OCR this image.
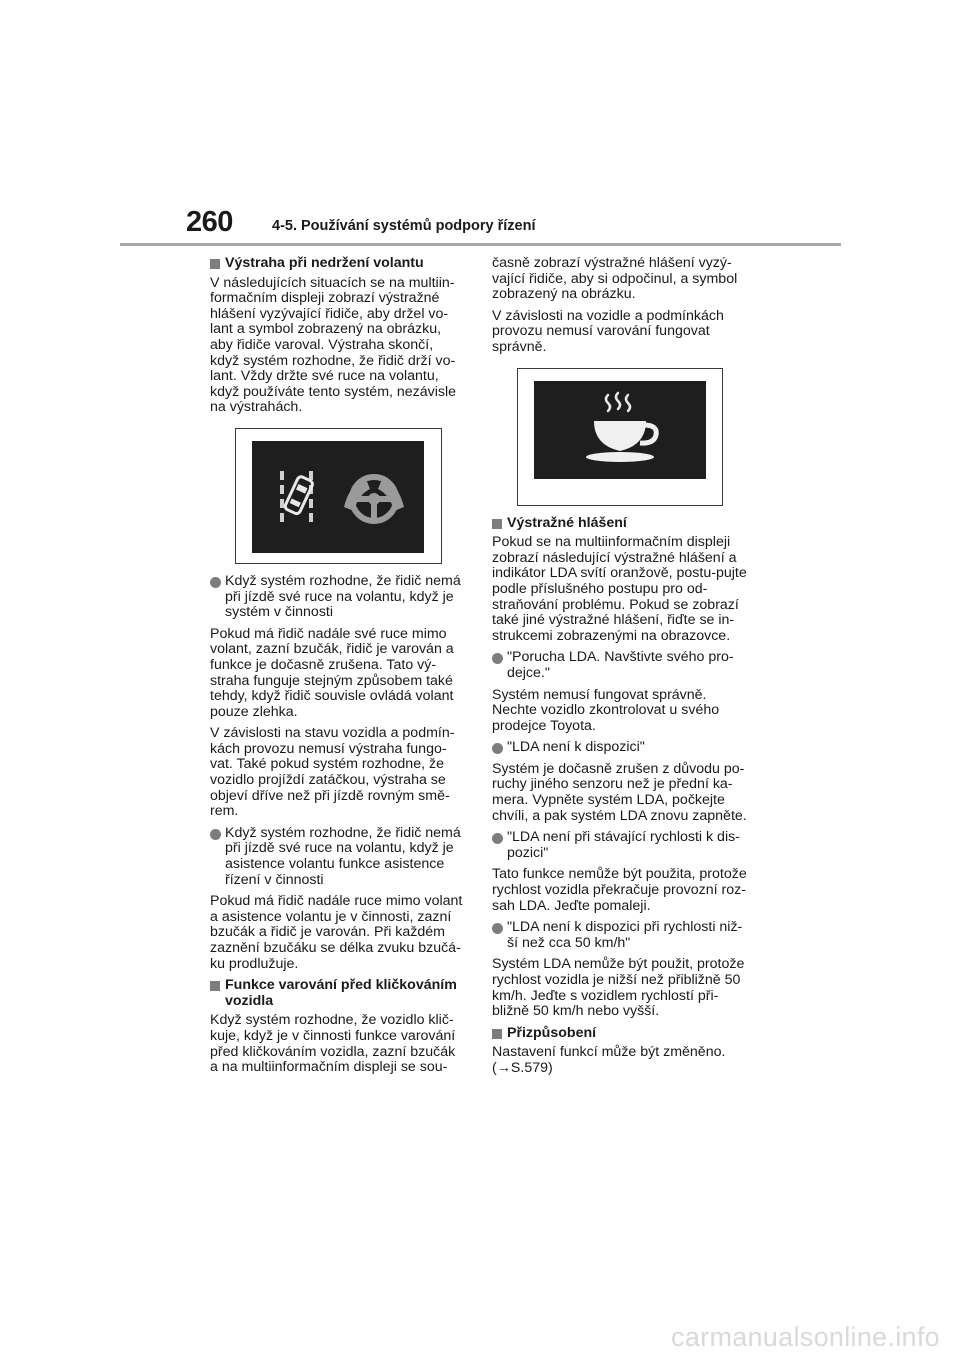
260	4-5. Používání systémů podpory řízení
Výstraha při nedržení volantu

V následujících situacích se na multiin-formačním displeji zobrazí výstražné hlášení vyzývající řidiče, aby držel vo-lant a symbol zobrazený na obrázku, aby řidiče varoval. Výstraha skončí, když systém rozhodne, že řidič drží vo-lant. Vždy držte své ruce na volantu, když používáte tento systém, nezávisle na výstrahách.

Když systém rozhodne, že řidič nemá při jízdě své ruce na volantu, když je systém v činnosti

Pokud má řidič nadále své ruce mimo volant, zazní bzučák, řidič je varován a funkce je dočasně zrušena. Tato vý-straha funguje stejným způsobem také tehdy, když řidič souvisle ovládá volant pouze zlehka.

V závislosti na stavu vozidla a podmín-kách provozu nemusí výstraha fungo-vat. Také pokud systém rozhodne, že vozidlo projíždí zatáčkou, výstraha se objeví dříve než při jízdě rovným smě-rem.

Když systém rozhodne, že řidič nemá při jízdě své ruce na volantu, když je asistence volantu funkce asistence řízení v činnosti

Pokud má řidič nadále ruce mimo volant a asistence volantu je v činnosti, zazní bzučák a řidič je varován. Při každém zaznění bzučáku se délka zvuku bzučá-ku prodlužuje.

Funkce varování před kličkováním vozidla

Když systém rozhodne, že vozidlo klič-kuje, když je v činnosti funkce varování před kličkováním vozidla, zazní bzučák a na multiinformačním displeji se sou-

časně zobrazí výstražné hlášení vyzý-vající řidiče, aby si odpočinul, a symbol zobrazený na obrázku.

V závislosti na vozidle a podmínkách provozu nemusí varování fungovat správně.

Výstražné hlášení

Pokud se na multiinformačním displeji zobrazí následující výstražné hlášení a indikátor LDA svítí oranžově, postu-pujte podle příslušného postupu pro od-straňování problému. Pokud se zobrazí také jiné výstražné hlášení, řiďte se in-strukcemi zobrazenými na obrazovce.

"Porucha LDA. Navštivte svého pro-dejce."

Systém nemusí fungovat správně. Nechte vozidlo zkontrolovat u svého prodejce Toyota.

"LDA není k dispozici"

Systém je dočasně zrušen z důvodu po-ruchy jiného senzoru než je přední ka-mera. Vypněte systém LDA, počkejte chvíli, a pak systém LDA znovu zapněte.

"LDA není při stávající rychlosti k dis-pozici"

Tato funkce nemůže být použita, protože rychlost vozidla překračuje provozní roz-sah LDA. Jeďte pomaleji.

"LDA není k dispozici při rychlosti niž-ší než cca 50 km/h"

Systém LDA nemůže být použit, protože rychlost vozidla je nižší než přibližně 50 km/h. Jeďte s vozidlem rychlostí při-bližně 50 km/h nebo vyšší.

Přizpůsobení

Nastavení funkcí může být změněno.

(→S.579)

carmanualsonline.info
